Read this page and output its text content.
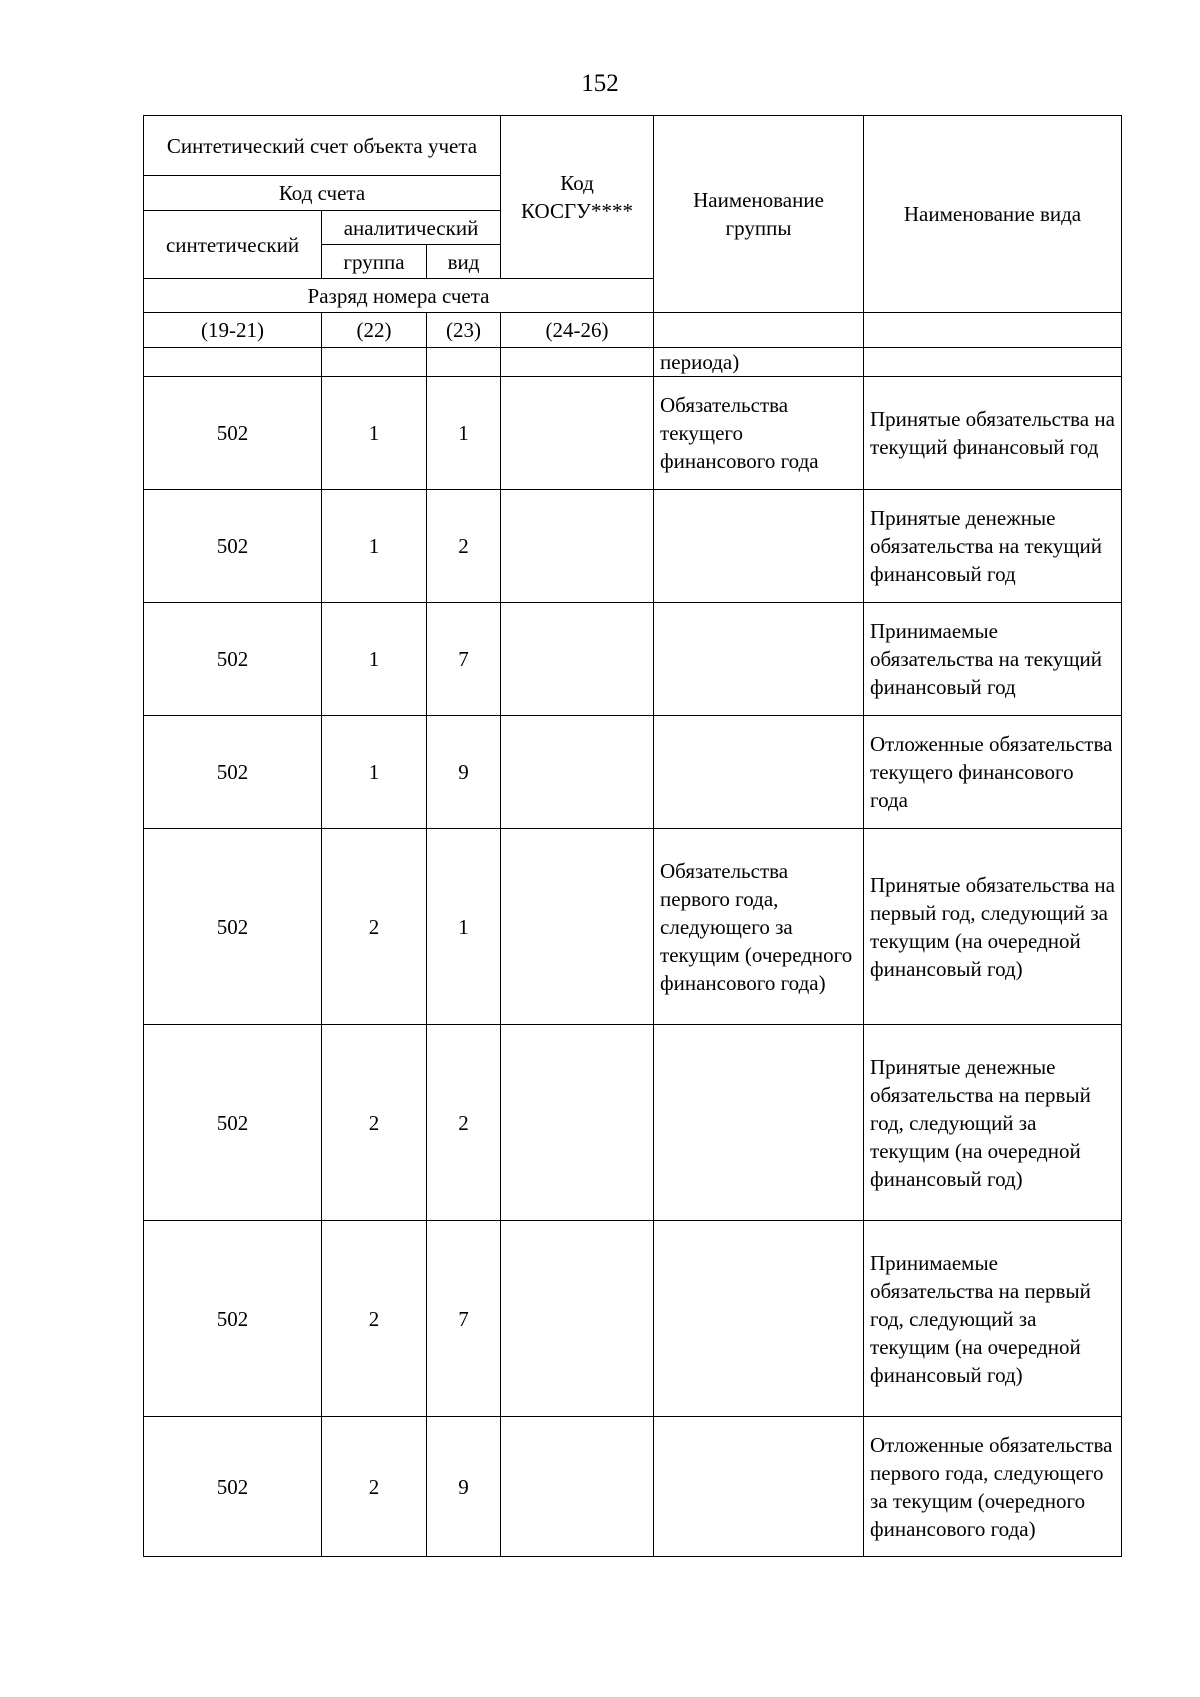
152
Синтетический счет объекта учета			Код КОСГУ****	Наименование группы	Наименование вида
Код счета					
синтетический	аналитический				
	группа	вид			
Разряд номера счета					
(19-21)	(22)	(23)	(24-26)		
				периода)	
502	1	1		Обязательства текущего финансового года	Принятые обязательства на текущий финансовый год
502	1	2			Принятые денежные обязательства на текущий финансовый год
502	1	7			Принимаемые обязательства на текущий финансовый год
502	1	9			Отложенные обязательства текущего финансового года
502	2	1		Обязательства первого года, следующего за текущим (очередного финансового года)	Принятые обязательства на первый год, следующий за текущим (на очередной финансовый год)
502	2	2			Принятые денежные обязательства на первый год, следующий за текущим (на очередной финансовый год)
502	2	7			Принимаемые обязательства на первый год, следующий за текущим (на очередной финансовый год)
502	2	9			Отложенные обязательства первого года, следующего за текущим (очередного финансового года)
